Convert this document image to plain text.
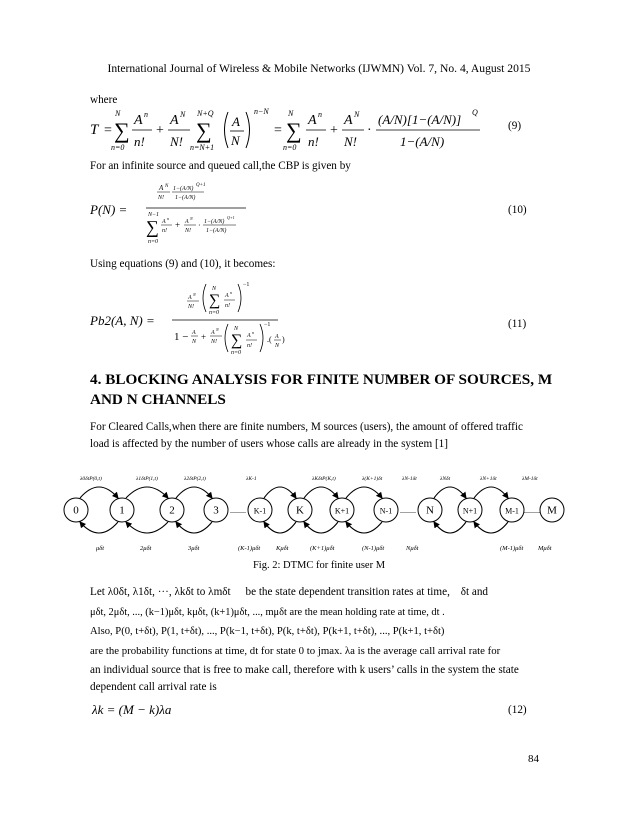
International Journal of Wireless & Mobile Networks (IJWMN) Vol. 7, No. 4, August 2015
where
T =
N
∑
n=0
A n
n!
+
A N
N!
N+Q
∑
n=N+1
A
N
n−N
=
N
∑
n=0
A n
n!
+
A N
N!
·
(A/N)[1−(A/N)] Q
1−(A/N)
(9)
For an infinite source and queued call,the CBP is given by
P(N) =
A N
N!
1−(A/N)
Q+1
1−(A/N)
N−1
∑
n=0
A
n
n!
+ A
N
N!
· 1−(A/N)
Q+1
1−(A/N)
(10)
Using equations (9) and (10), it becomes:
Pb2(A, N) =
A
N
N!
N
∑
n=0
A
n
n!
−1
1 − A
N + A
N
N!
N
∑
n=0
A
n
n!
−1
.( A
N
)
(11)
4. BLOCKING ANALYSIS FOR FINITE NUMBER OF SOURCES, M
AND N CHANNELS
For Cleared Calls,when there are finite numbers, M sources (users), the amount of offered traffic
load is affected by the number of users whose calls are already in the system [1]
0	1	2	3	K-1	K	K+1	N-1	N	N+1	M-1	M
........	........	........
λ0δtP(0,t)	λ1δtP(1,t)	λ2δtP(2,t)	λK-1	λKδtP(K,t)	λ(K+1)δt	λN-1δt	λNδt	λN+1δt	λM-1δt
μδt	2μδt	3μδt	(K-1)μδt Kμδt	(K+1)μδt	(N-1)μδt	Nμδt	(M-1)μδt Mμδt
Fig. 2: DTMC for finite user M
Let λ0δt, λ1δt, ···, λkδt to λmδt be the state dependent transition rates at time, δt and
μδt, 2μδt, ..., (k−1)μδt, kμδt, (k+1)μδt, ..., mμδt are the mean holding rate at time, dt .
Also, P(0, t+δt), P(1, t+δt), ..., P(k−1, t+δt), P(k, t+δt), P(k+1, t+δt), ..., P(k+1, t+δt)
are the probability functions at time, dt for state 0 to jmax. λa is the average call arrival rate for
an individual source that is free to make call, therefore with k users’ calls in the system the state
dependent call arrival rate is
λk = (M − k)λa	(12)
84
